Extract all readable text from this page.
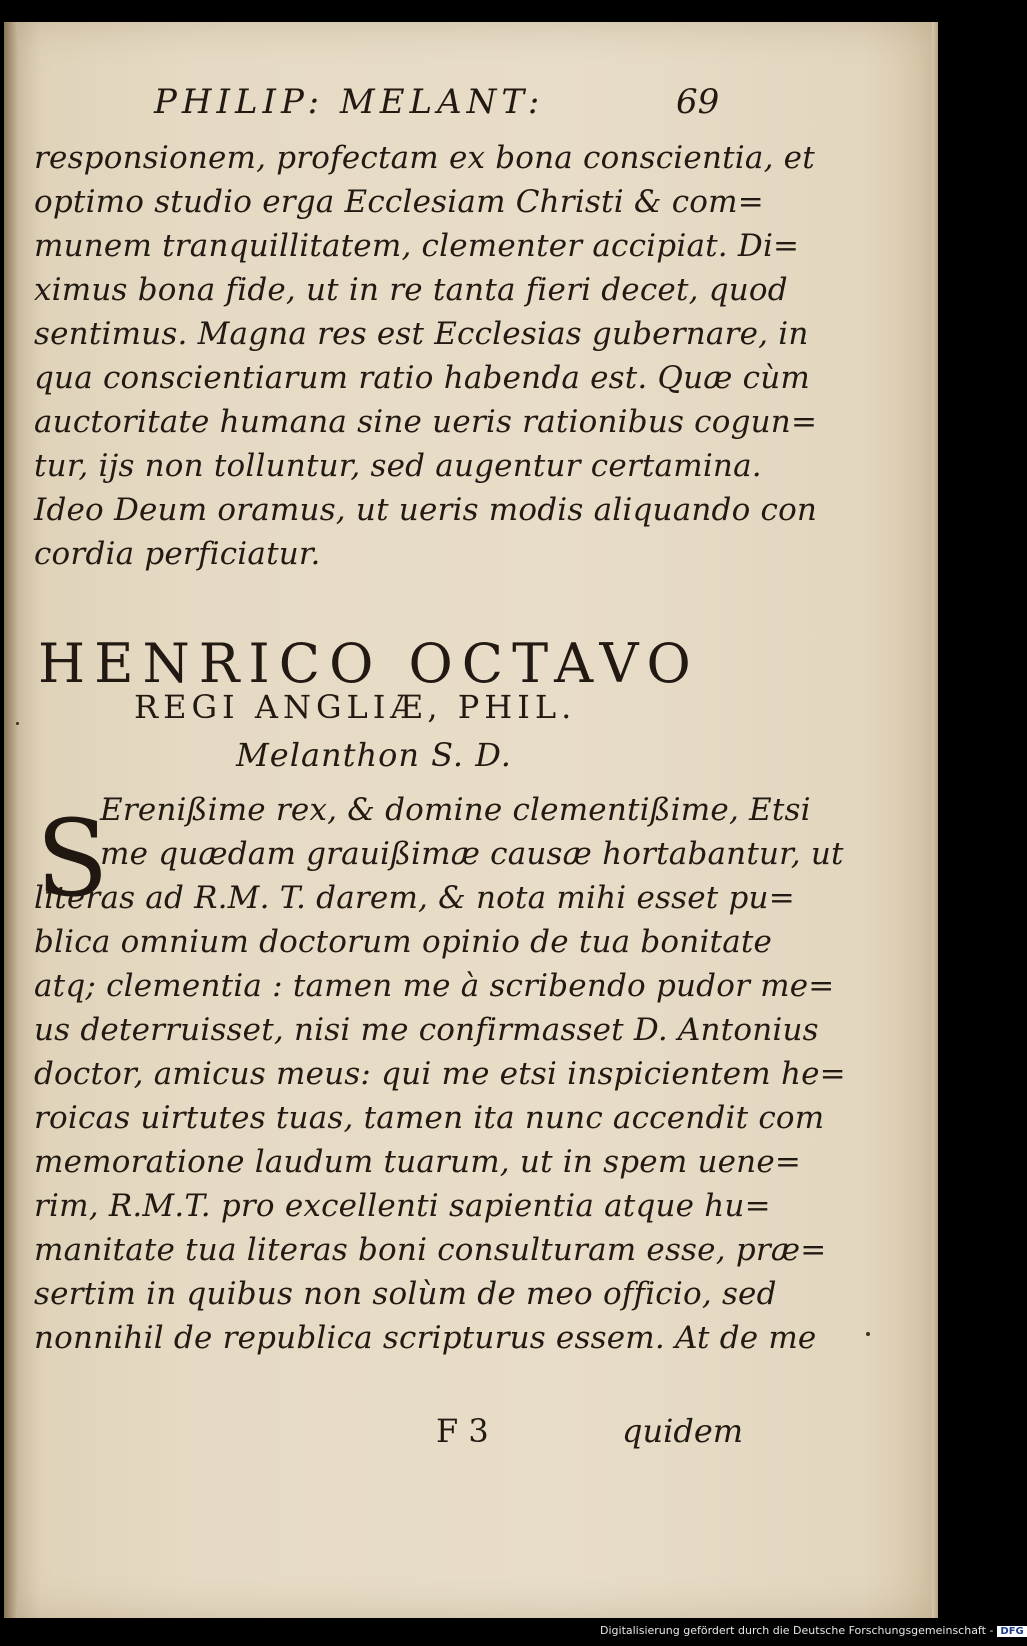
PHILIP: MELANT:	69
responsionem, profectam ex bona conscientia, et
optimo studio erga Ecclesiam Christi & com=
munem tranquillitatem, clementer accipiat. Di=
ximus bona fide, ut in re tanta fieri decet, quod
sentimus. Magna res est Ecclesias gubernare, in
qua conscientiarum ratio habenda est. Quæ cùm
auctoritate humana sine ueris rationibus cogun=
tur, ijs non tolluntur, sed augentur certamina.
Ideo Deum oramus, ut ueris modis aliquando con
cordia perficiatur.
HENRICO OCTAVO
REGI ANGLIÆ, PHIL.
Melanthon S. D.
S
Erenißime rex, & domine clementißime, Etsi
me quædam grauißimæ causæ hortabantur, ut
literas ad R.M. T. darem, & nota mihi esset pu=
blica omnium doctorum opinio de tua bonitate
atq; clementia : tamen me à scribendo pudor me=
us deterruisset, nisi me confirmasset D. Antonius
doctor, amicus meus: qui me etsi inspicientem he=
roicas uirtutes tuas, tamen ita nunc accendit com
memoratione laudum tuarum, ut in spem uene=
rim, R.M.T. pro excellenti sapientia atque hu=
manitate tua literas boni consulturam esse, præ=
sertim in quibus non solùm de meo officio, sed
nonnihil de republica scripturus essem. At de me
F 3	quidem
Digitalisierung gefördert durch die Deutsche Forschungsgemeinschaft - DFG
